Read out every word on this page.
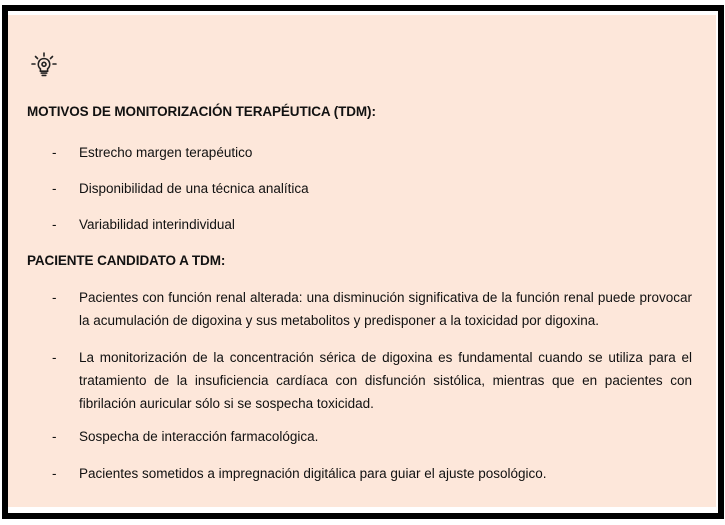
MOTIVOS DE MONITORIZACIÓN TERAPÉUTICA (TDM):
- Estrecho margen terapéutico
- Disponibilidad de una técnica analítica
- Variabilidad interindividual
PACIENTE CANDIDATO A TDM:
- Pacientes con función renal alterada: una disminución significativa de la función renal puede provocar la acumulación de digoxina y sus metabolitos y predisponer a la toxicidad por digoxina.
- La monitorización de la concentración sérica de digoxina es fundamental cuando se utiliza para el tratamiento de la insuficiencia cardíaca con disfunción sistólica, mientras que en pacientes con fibrilación auricular sólo si se sospecha toxicidad.
- Sospecha de interacción farmacológica.
- Pacientes sometidos a impregnación digitálica para guiar el ajuste posológico.
